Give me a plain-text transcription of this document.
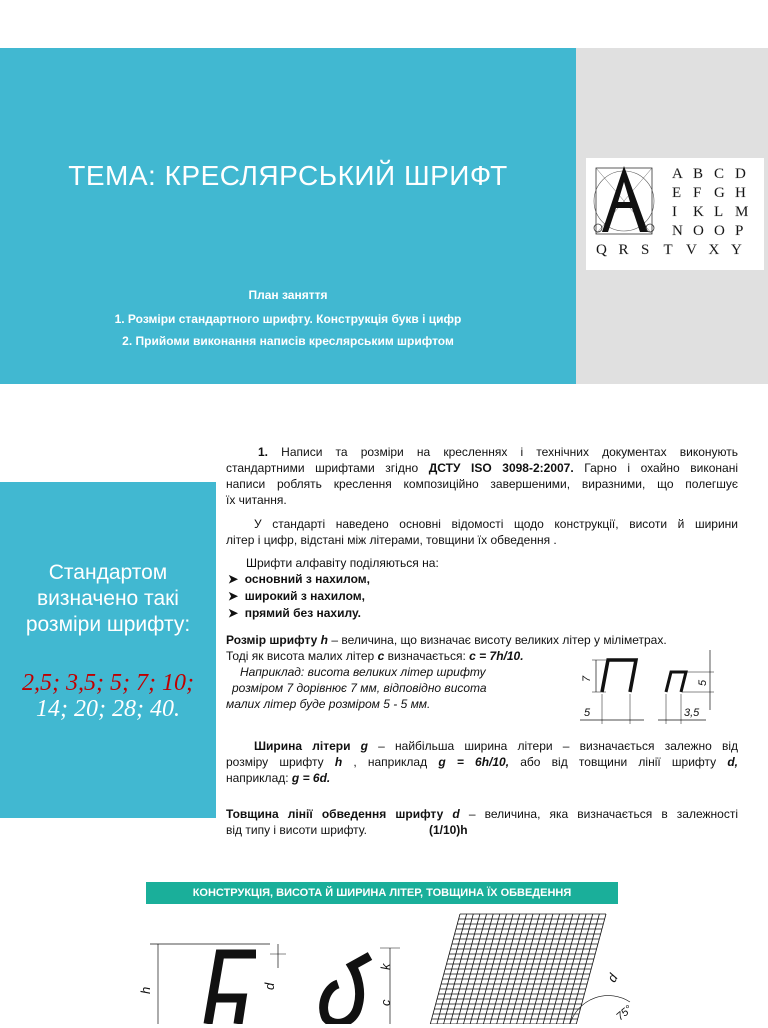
ТЕМА: КРЕСЛЯРСЬКИЙ ШРИФТ
План заняття
1. Розміри стандартного шрифту. Конструкція букв і цифр
2. Прийоми виконання написів креслярським шрифтом
A B C D
E F G H
I K L M
N O O P
Q R S T V X Y
Стандартом визначено такі розміри шрифту:
2,5; 3,5; 5; 7; 10;
14; 20; 28; 40.
1. Написи та розміри на кресленнях і технічних документах виконують
стандартними шрифтами згідно ДСТУ ISO 3098-2:2007. Гарно і охайно виконані
написи роблять креслення композиційно завершеними, виразними, що полегшує
їх читання.
У стандарті наведено основні відомості щодо конструкції, висоти й ширини
літер і цифр, відстані між літерами, товщини їх обведення .
Шрифти алфавіту поділяються на:
➤  основний з нахилом,
➤  широкий з нахилом,
➤  прямий без нахилу.
Розмір шрифту h – величина, що визначає висоту великих літер у міліметрах.
Тоді як висота малих літер c визначається: c = 7h/10.
Наприклад: висота великих літер шрифту
розміром 7 дорівнює 7 мм, відповідно висота
малих літер буде розміром 5 - 5 мм.
7
5
5	3,5
Ширина літери g – найбільша ширина літери – визначається залежно від
розміру шрифту h , наприклад g = 6h/10, або від товщини лінії шрифту d,
наприклад: g = 6d.
Товщина лінії обведення шрифту d – величина, яка визначається в залежності
від типу і висоти шрифту.	(1/10)h
КОНСТРУКЦІЯ, ВИСОТА Й ШИРИНА ЛІТЕР, ТОВЩИНА ЇХ ОБВЕДЕННЯ
h
d
k
c
d
75°
